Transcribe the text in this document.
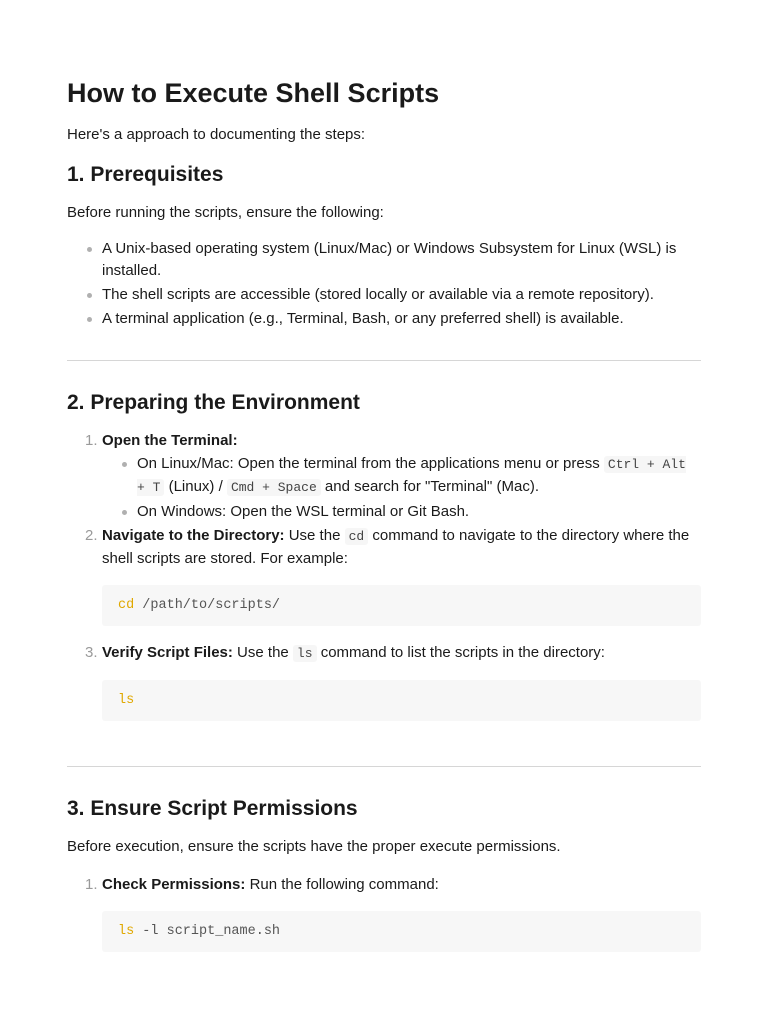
How to Execute Shell Scripts

Here's a approach to documenting the steps:

1. Prerequisites

Before running the scripts, ensure the following:

A Unix-based operating system (Linux/Mac) or Windows Subsystem for Linux (WSL) is installed.
The shell scripts are accessible (stored locally or available via a remote repository).
A terminal application (e.g., Terminal, Bash, or any preferred shell) is available.
2. Preparing the Environment
1. Open the Terminal:
On Linux/Mac: Open the terminal from the applications menu or press Ctrl + Alt + T (Linux) / Cmd + Space and search for "Terminal" (Mac).
On Windows: Open the WSL terminal or Git Bash.
2. Navigate to the Directory: Use the cd command to navigate to the directory where the shell scripts are stored. For example:
cd /path/to/scripts/
3. Verify Script Files: Use the ls command to list the scripts in the directory:
ls
3. Ensure Script Permissions

Before execution, ensure the scripts have the proper execute permissions.

1. Check Permissions: Run the following command:
ls -l script_name.sh
